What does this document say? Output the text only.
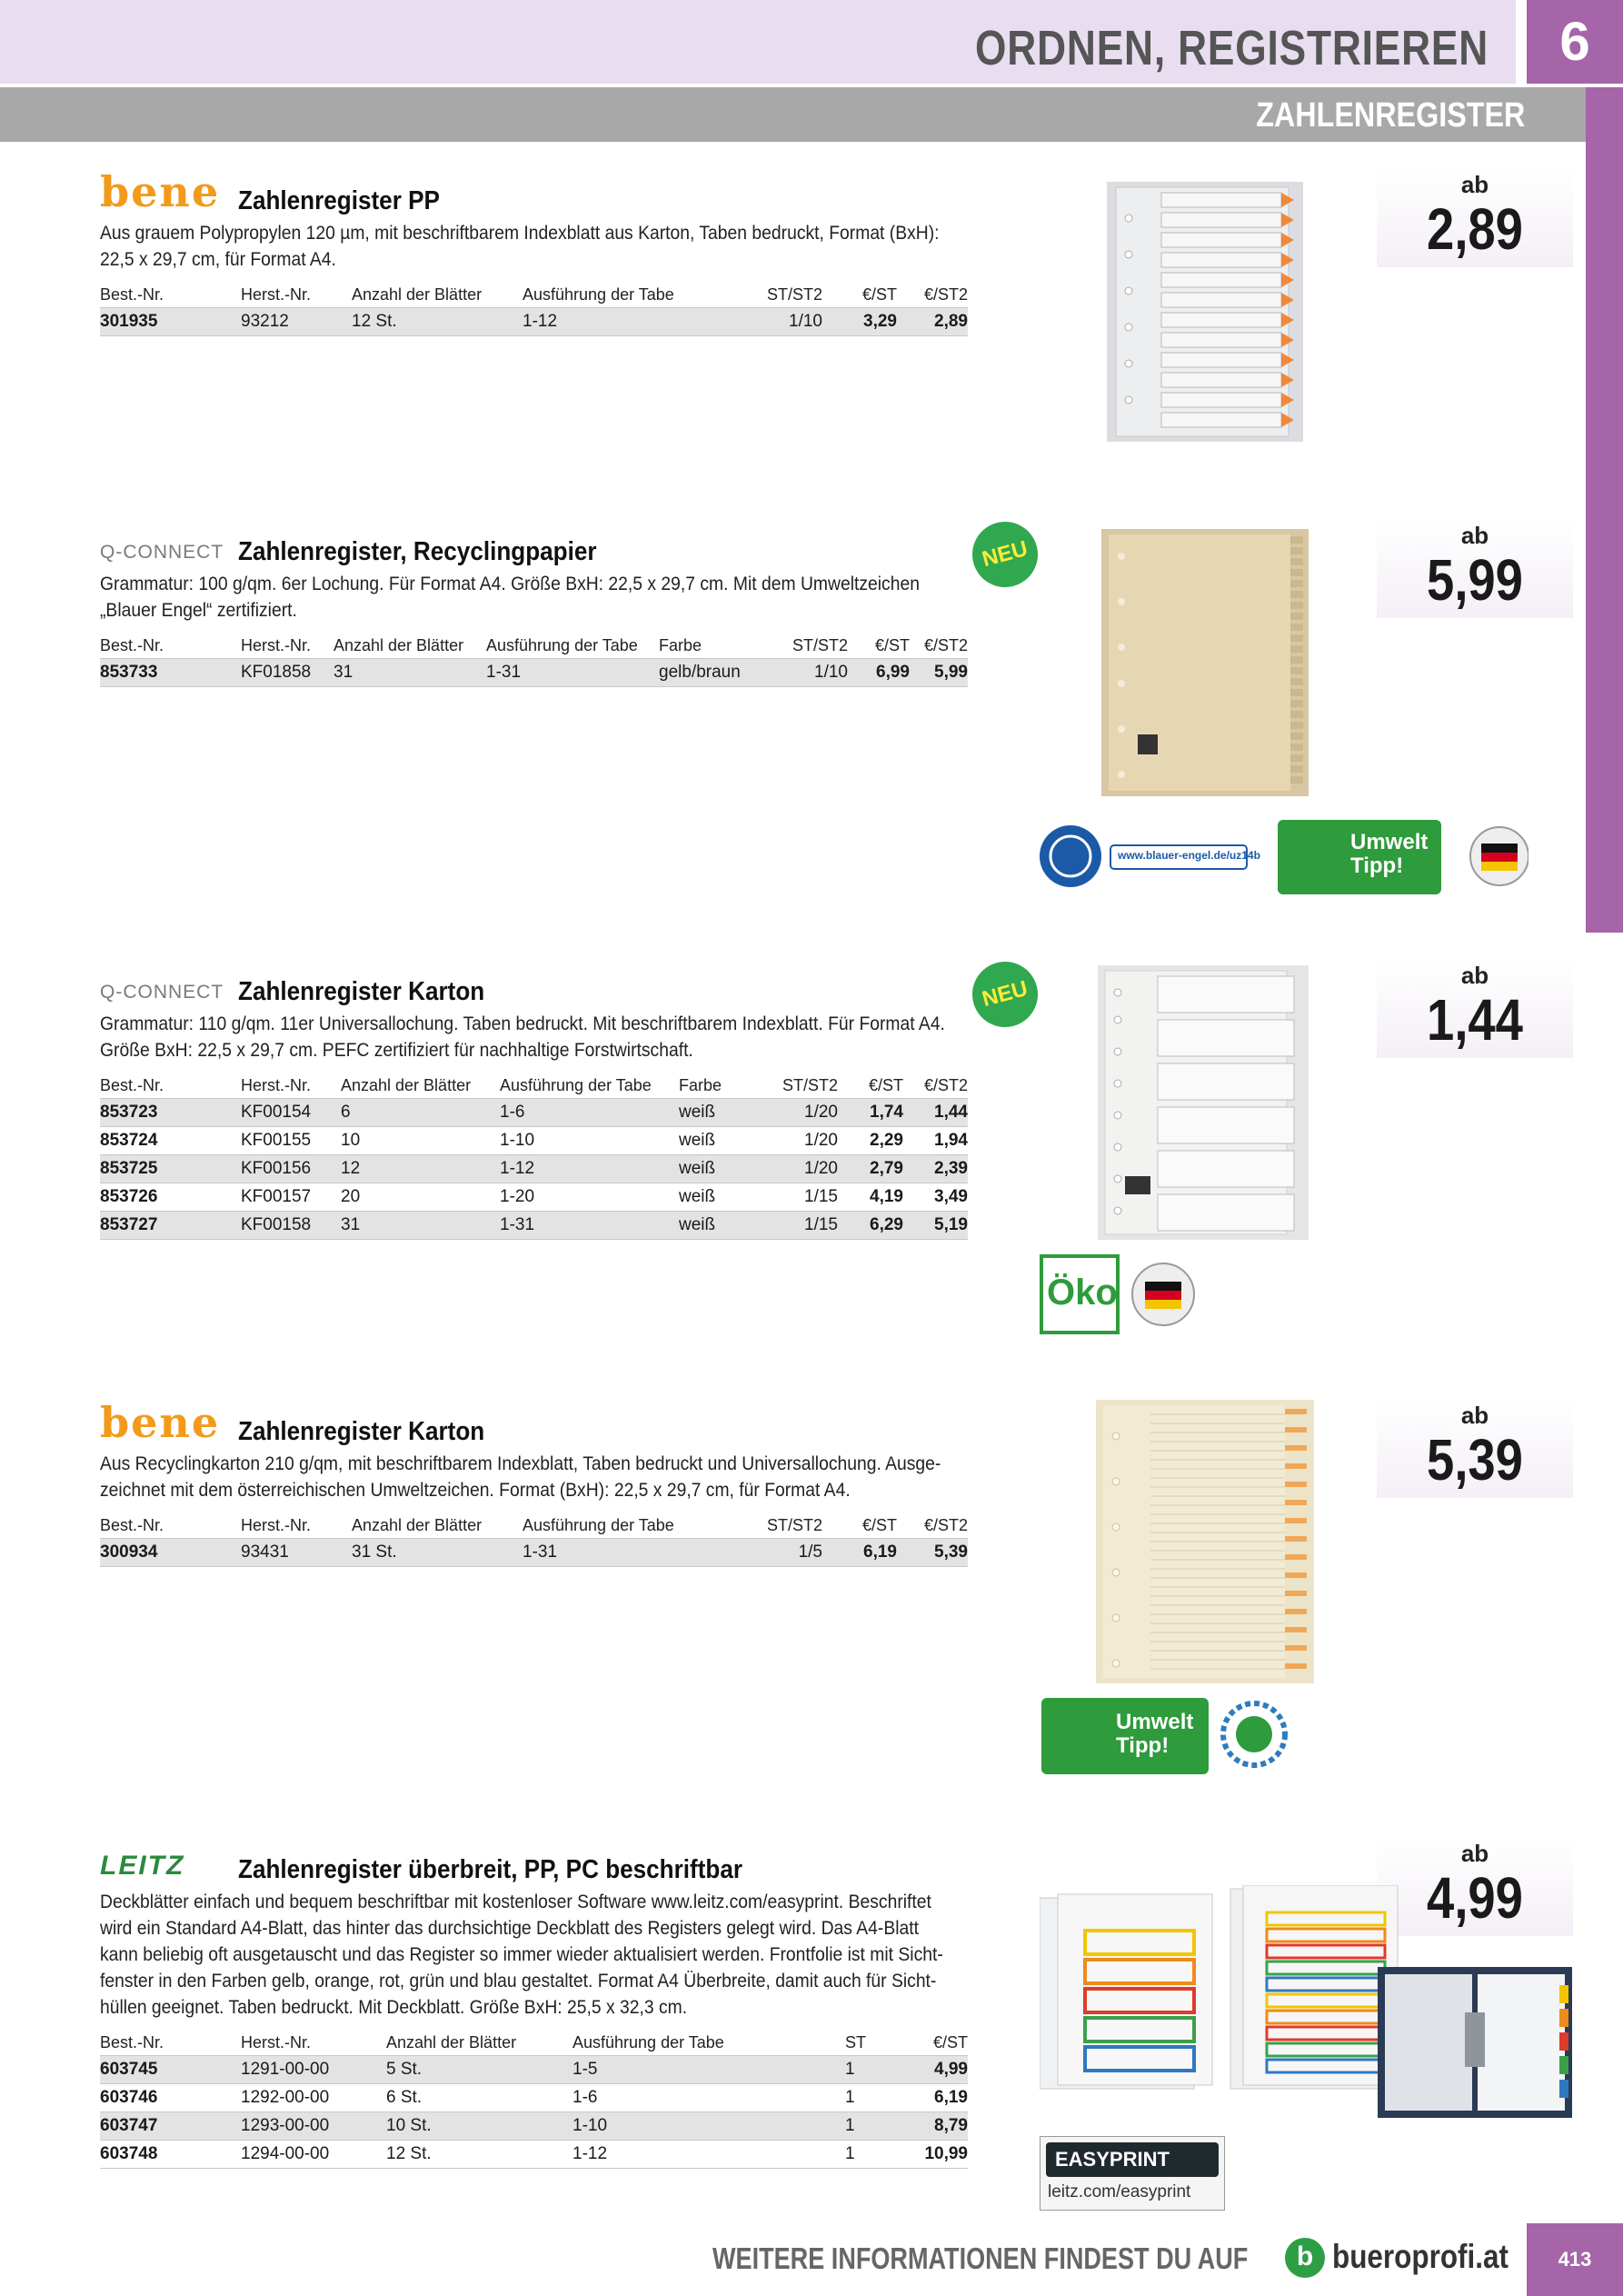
ORDNEN, REGISTRIEREN	6
ZAHLENREGISTER
bene Zahlenregister PP
Aus grauem Polypropylen 120 µm, mit beschriftbarem Indexblatt aus Karton, Taben bedruckt, Format (BxH):
22,5 x 29,7 cm, für Format A4.
Best.-Nr.	Herst.-Nr.	Anzahl der Blätter	Ausführung der Tabe	ST/ST2	€/ST	€/ST2
301935	93212	12 St.	1-12	1/10	3,29	2,89
ab
2,89
Q-CONNECT Zahlenregister, Recyclingpapier
Grammatur: 100 g/qm. 6er Lochung. Für Format A4. Größe BxH: 22,5 x 29,7 cm. Mit dem Umweltzeichen
„Blauer Engel“ zertifiziert.
Best.-Nr.	Herst.-Nr.	Anzahl der Blätter	Ausführung der Tabe	Farbe	ST/ST2	€/ST	€/ST2
853733	KF01858	31	1-31	gelb/braun	1/10	6,99	5,99
NEU
ab
5,99
www.blauer-engel.de/uz14b
Umwelt
Tipp!
Q-CONNECT Zahlenregister Karton
Grammatur: 110 g/qm. 11er Universallochung. Taben bedruckt. Mit beschriftbarem Indexblatt. Für Format A4.
Größe BxH: 22,5 x 29,7 cm. PEFC zertifiziert für nachhaltige Forstwirtschaft.
Best.-Nr.	Herst.-Nr.	Anzahl der Blätter	Ausführung der Tabe	Farbe	ST/ST2	€/ST	€/ST2
853723	KF00154	6	1-6	weiß	1/20	1,74	1,44
853724	KF00155	10	1-10	weiß	1/20	2,29	1,94
853725	KF00156	12	1-12	weiß	1/20	2,79	2,39
853726	KF00157	20	1-20	weiß	1/15	4,19	3,49
853727	KF00158	31	1-31	weiß	1/15	6,29	5,19
NEU
ab
1,44
Öko
bene Zahlenregister Karton
Aus Recyclingkarton 210 g/qm, mit beschriftbarem Indexblatt, Taben bedruckt und Universallochung. Ausge-
zeichnet mit dem österreichischen Umweltzeichen. Format (BxH): 22,5 x 29,7 cm, für Format A4.
Best.-Nr.	Herst.-Nr.	Anzahl der Blätter	Ausführung der Tabe	ST/ST2	€/ST	€/ST2
300934	93431	31 St.	1-31	1/5	6,19	5,39
ab
5,39
Umwelt
Tipp!
LEITZ Zahlenregister überbreit, PP, PC beschriftbar
Deckblätter einfach und bequem beschriftbar mit kostenloser Software www.leitz.com/easyprint. Beschriftet
wird ein Standard A4-Blatt, das hinter das durchsichtige Deckblatt des Registers gelegt wird. Das A4-Blatt
kann beliebig oft ausgetauscht und das Register so immer wieder aktualisiert werden. Frontfolie ist mit Sicht-
fenster in den Farben gelb, orange, rot, grün und blau gestaltet. Format A4 Überbreite, damit auch für Sicht-
hüllen geeignet. Taben bedruckt. Mit Deckblatt. Größe BxH: 25,5 x 32,3 cm.
Best.-Nr.	Herst.-Nr.	Anzahl der Blätter	Ausführung der Tabe	ST	€/ST
603745	1291-00-00	5 St.	1-5	1	4,99
603746	1292-00-00	6 St.	1-6	1	6,19
603747	1293-00-00	10 St.	1-10	1	8,79
603748	1294-00-00	12 St.	1-12	1	10,99
ab
4,99
EASYPRINT
leitz.com/easyprint
WEITERE INFORMATIONEN FINDEST DU AUF	b bueroprofi.at	413
